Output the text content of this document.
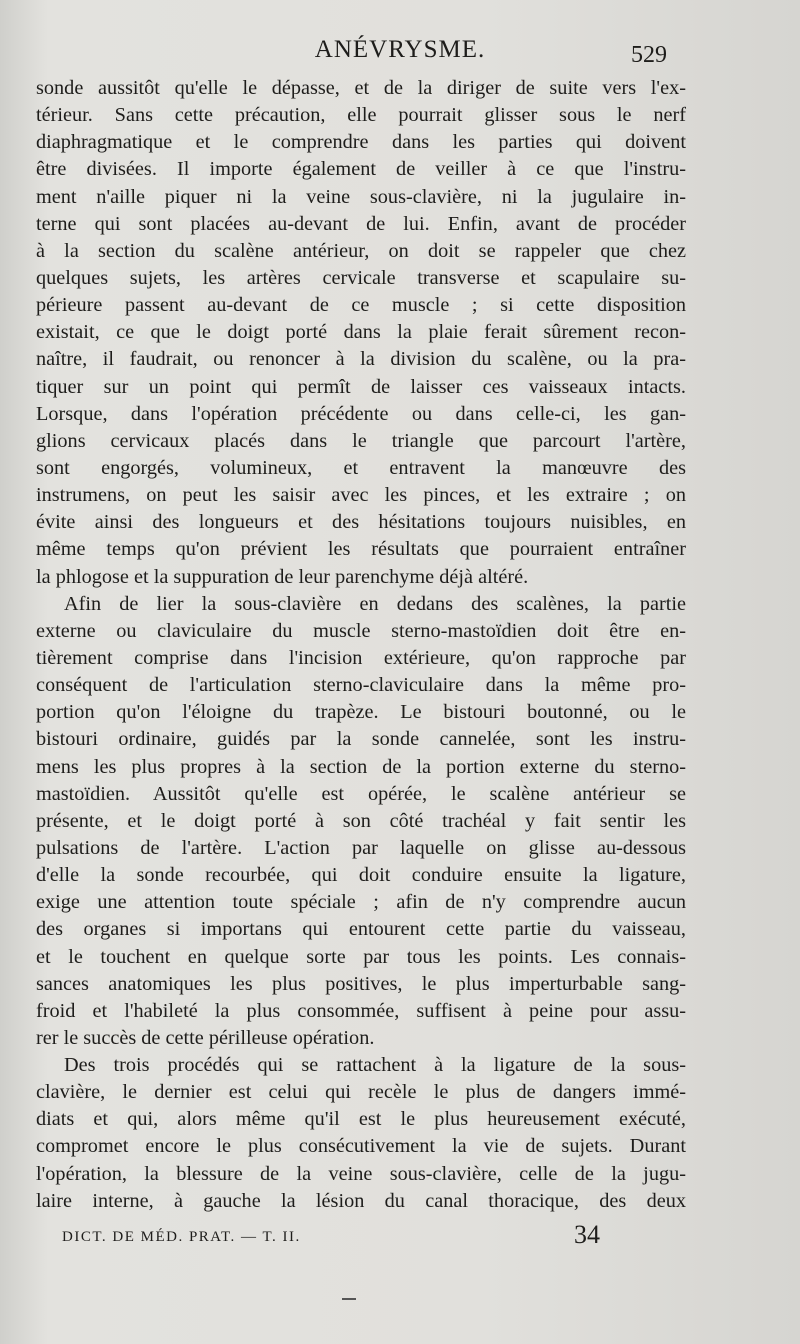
ANÉVRYSME.	529
sonde aussitôt qu'elle le dépasse, et de la diriger de suite vers l'ex-
térieur. Sans cette précaution, elle pourrait glisser sous le nerf
diaphragmatique et le comprendre dans les parties qui doivent
être divisées. Il importe également de veiller à ce que l'instru-
ment n'aille piquer ni la veine sous-clavière, ni la jugulaire in-
terne qui sont placées au-devant de lui. Enfin, avant de procéder
à la section du scalène antérieur, on doit se rappeler que chez
quelques sujets, les artères cervicale transverse et scapulaire su-
périeure passent au-devant de ce muscle ; si cette disposition
existait, ce que le doigt porté dans la plaie ferait sûrement recon-
naître, il faudrait, ou renoncer à la division du scalène, ou la pra-
tiquer sur un point qui permît de laisser ces vaisseaux intacts.
Lorsque, dans l'opération précédente ou dans celle-ci, les gan-
glions cervicaux placés dans le triangle que parcourt l'artère,
sont engorgés, volumineux, et entravent la manœuvre des
instrumens, on peut les saisir avec les pinces, et les extraire ; on
évite ainsi des longueurs et des hésitations toujours nuisibles, en
même temps qu'on prévient les résultats que pourraient entraîner
la phlogose et la suppuration de leur parenchyme déjà altéré.
Afin de lier la sous-clavière en dedans des scalènes, la partie
externe ou claviculaire du muscle sterno-mastoïdien doit être en-
tièrement comprise dans l'incision extérieure, qu'on rapproche par
conséquent de l'articulation sterno-claviculaire dans la même pro-
portion qu'on l'éloigne du trapèze. Le bistouri boutonné, ou le
bistouri ordinaire, guidés par la sonde cannelée, sont les instru-
mens les plus propres à la section de la portion externe du sterno-
mastoïdien. Aussitôt qu'elle est opérée, le scalène antérieur se
présente, et le doigt porté à son côté trachéal y fait sentir les
pulsations de l'artère. L'action par laquelle on glisse au-dessous
d'elle la sonde recourbée, qui doit conduire ensuite la ligature,
exige une attention toute spéciale ; afin de n'y comprendre aucun
des organes si importans qui entourent cette partie du vaisseau,
et le touchent en quelque sorte par tous les points. Les connais-
sances anatomiques les plus positives, le plus imperturbable sang-
froid et l'habileté la plus consommée, suffisent à peine pour assu-
rer le succès de cette périlleuse opération.
Des trois procédés qui se rattachent à la ligature de la sous-
clavière, le dernier est celui qui recèle le plus de dangers immé-
diats et qui, alors même qu'il est le plus heureusement exécuté,
compromet encore le plus consécutivement la vie de sujets. Durant
l'opération, la blessure de la veine sous-clavière, celle de la jugu-
laire interne, à gauche la lésion du canal thoracique, des deux
DICT. DE MÉD. PRAT. — T. II.	34
